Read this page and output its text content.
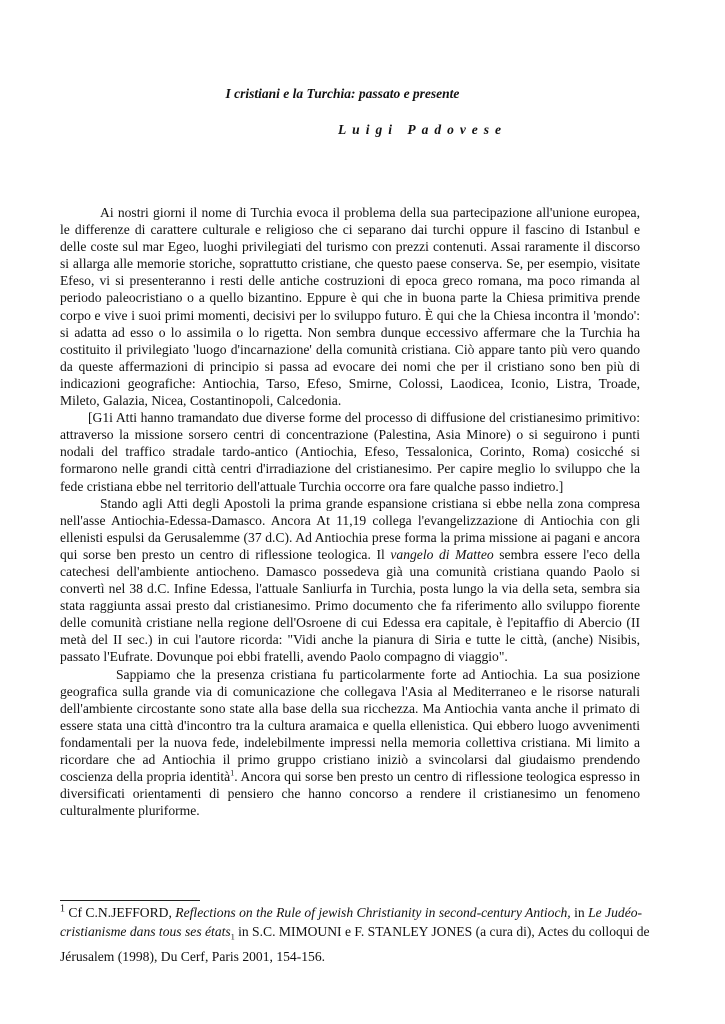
I cristiani e la Turchia: passato e presente
Luigi Padovese

Ai nostri giorni il nome di Turchia evoca il problema della sua partecipazione all'unione europea, le differenze di carattere culturale e religioso che ci separano dai turchi oppure il fascino di Istanbul e delle coste sul mar Egeo, luoghi privilegiati del turismo con prezzi contenuti. Assai raramente il discorso si allarga alle memorie storiche, soprattutto cristiane, che questo paese conserva. Se, per esempio, visitate Efeso, vi si presenteranno i resti delle antiche costruzioni di epoca greco romana, ma poco rimanda al periodo paleocristiano o a quello bizantino. Eppure è qui che in buona parte la Chiesa primitiva prende corpo e vive i suoi primi momenti, decisivi per lo sviluppo futuro. È qui che la Chiesa incontra il 'mondo': si adatta ad esso o lo assimila o lo rigetta. Non sembra dunque eccessivo affermare che la Turchia ha costituito il privilegiato 'luogo d'incarnazione' della comunità cristiana. Ciò appare tanto più vero quando da queste affermazioni di principio si passa ad evocare dei nomi che per il cristiano sono ben più di indicazioni geografiche: Antiochia, Tarso, Efeso, Smirne, Colossi, Laodicea, Iconio, Listra, Troade, Mileto, Galazia, Nicea, Costantinopoli, Calcedonia.

[G1i Atti hanno tramandato due diverse forme del processo di diffusione del cristianesimo primitivo: attraverso la missione sorsero centri di concentrazione (Palestina, Asia Minore) o si seguirono i punti nodali del traffico stradale tardo-antico (Antiochia, Efeso, Tessalonica, Corinto, Roma) cosicché si formarono nelle grandi città centri d'irradiazione del cristianesimo. Per capire meglio lo sviluppo che la fede cristiana ebbe nel territorio dell'attuale Turchia occorre ora fare qualche passo indietro.]

Stando agli Atti degli Apostoli la prima grande espansione cristiana si ebbe nella zona compresa nell'asse Antiochia-Edessa-Damasco. Ancora At 11,19 collega l'evangelizzazione di Antiochia con gli ellenisti espulsi da Gerusalemme (37 d.C). Ad Antiochia prese forma la prima missione ai pagani e ancora qui sorse ben presto un centro di riflessione teologica. Il vangelo di Matteo sembra essere l'eco della catechesi dell'ambiente antiocheno. Damasco possedeva già una comunità cristiana quando Paolo si convertì nel 38 d.C. Infine Edessa, l'attuale Sanliurfa in Turchia, posta lungo la via della seta, sembra sia stata raggiunta assai presto dal cristianesimo. Primo documento che fa riferimento allo sviluppo fiorente delle comunità cristiane nella regione dell'Osroene di cui Edessa era capitale, è l'epitaffio di Abercio (II metà del II sec.) in cui l'autore ricorda: "Vidi anche la pianura di Siria e tutte le città, (anche) Nisibis, passato l'Eufrate. Dovunque poi ebbi fratelli, avendo Paolo compagno di viaggio".

Sappiamo che la presenza cristiana fu particolarmente forte ad Antiochia. La sua posizione geografica sulla grande via di comunicazione che collegava l'Asia al Mediterraneo e le risorse naturali dell'ambiente circostante sono state alla base della sua ricchezza. Ma Antiochia vanta anche il primato di essere stata una città d'incontro tra la cultura aramaica e quella ellenistica. Qui ebbero luogo avvenimenti fondamentali per la nuova fede, indelebilmente impressi nella memoria collettiva cristiana. Mi limito a ricordare che ad Antiochia il primo gruppo cristiano iniziò a svincolarsi dal giudaismo prendendo coscienza della propria identità$^1$. Ancora qui sorse ben presto un centro di riflessione teologica espresso in diversificati orientamenti di pensiero che hanno concorso a rendere il cristianesimo un fenomeno culturalmente pluriforme.

$^1$ Cf C.N.JEFFORD, Reflections on the Rule of jewish Christianity in second-century Antioch, in Le Judéo-cristianisme dans tous ses états$_1$ in S.C. MIMOUNI e F. STANLEY JONES (a cura di), Actes du colloqui de Jérusalem (1998), Du Cerf, Paris 2001, 154-156.
